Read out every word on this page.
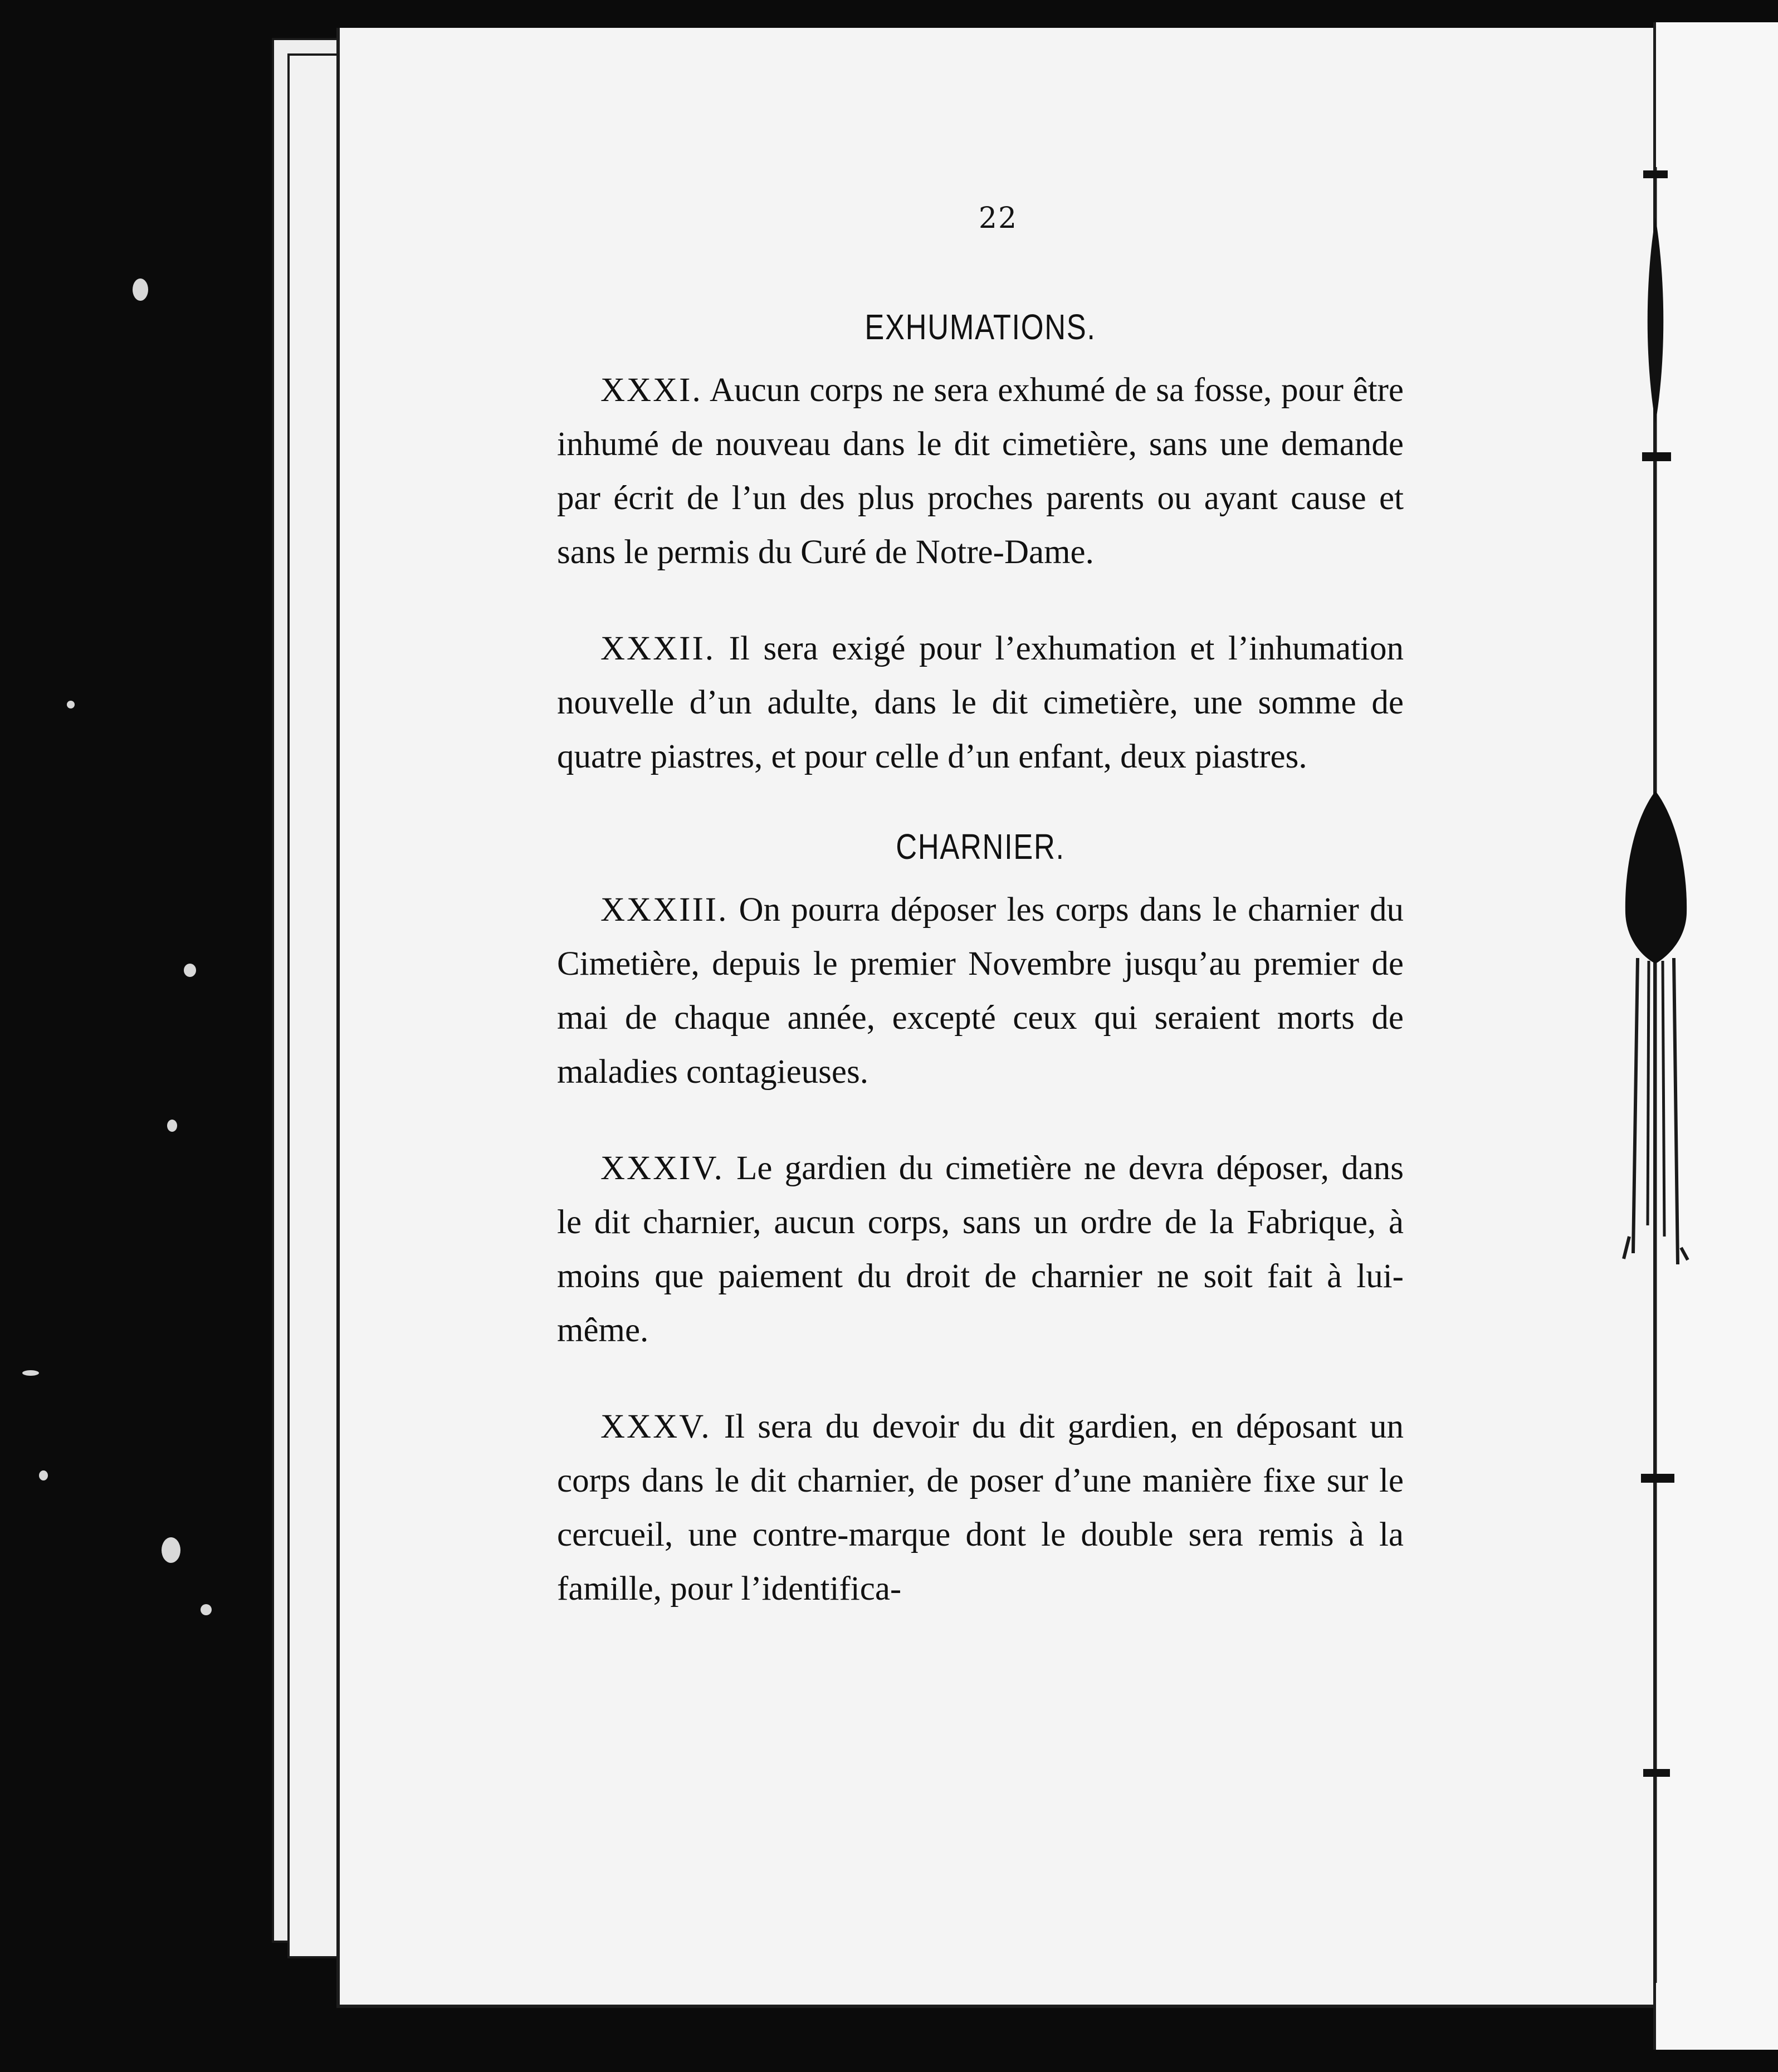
22
EXHUMATIONS.

XXXI. Aucun corps ne sera exhumé de sa fosse, pour être inhumé de nouveau dans le dit cimetière, sans une demande par écrit de l’un des plus proches parents ou ayant cause et sans le permis du Curé de Notre-Dame.

XXXII. Il sera exigé pour l’exhumation et l’inhumation nouvelle d’un adulte, dans le dit cimetière, une somme de quatre piastres, et pour celle d’un enfant, deux piastres.

CHARNIER.

XXXIII. On pourra déposer les corps dans le charnier du Cimetière, depuis le premier Novembre jusqu’au premier de mai de chaque année, excepté ceux qui seraient morts de maladies contagieuses.

XXXIV. Le gardien du cimetière ne devra déposer, dans le dit charnier, aucun corps, sans un ordre de la Fabrique, à moins que paiement du droit de charnier ne soit fait à lui-même.

XXXV. Il sera du devoir du dit gardien, en déposant un corps dans le dit charnier, de poser d’une manière fixe sur le cercueil, une contre-marque dont le double sera remis à la famille, pour l’identifica-
